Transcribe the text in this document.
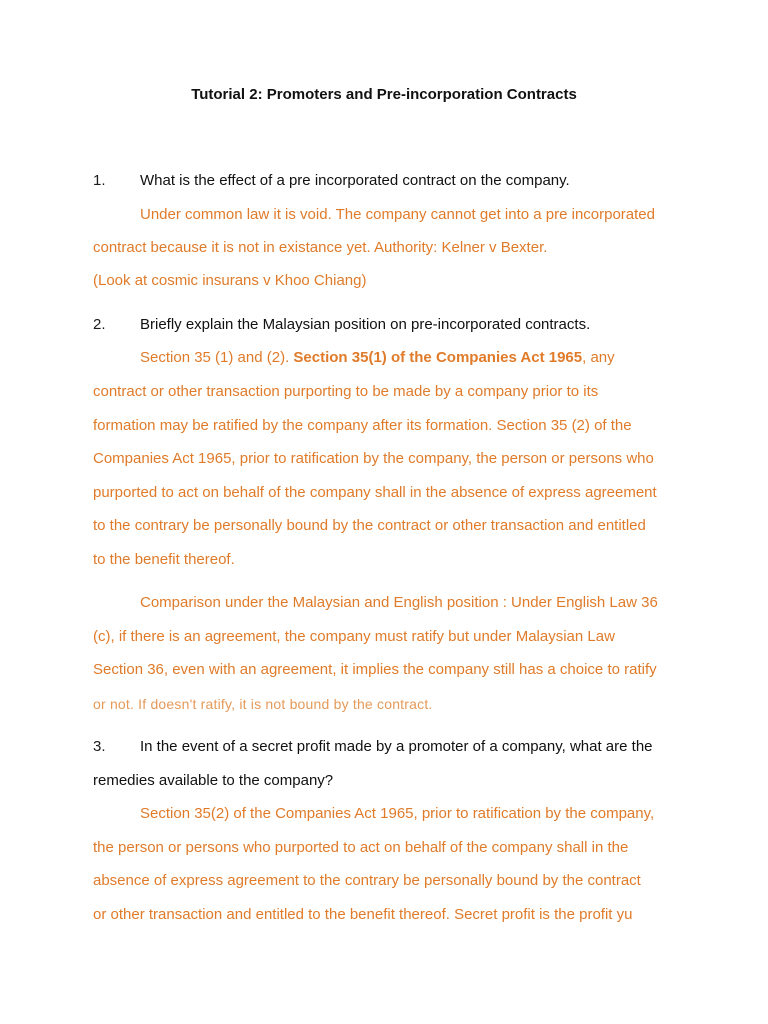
Tutorial 2: Promoters and Pre-incorporation Contracts
1. What is the effect of a pre incorporated contract on the company.
Under common law it is void. The company cannot get into a pre incorporated
contract because it is not in existance yet. Authority: Kelner v Bexter.
(Look at cosmic insurans v Khoo Chiang)
2. Briefly explain the Malaysian position on pre-incorporated contracts.
Section 35 (1) and (2). Section 35(1) of the Companies Act 1965, any
contract or other transaction purporting to be made by a company prior to its
formation may be ratified by the company after its formation. Section 35 (2) of the
Companies Act 1965, prior to ratification by the company, the person or persons who
purported to act on behalf of the company shall in the absence of express agreement
to the contrary be personally bound by the contract or other transaction and entitled
to the benefit thereof.
Comparison under the Malaysian and English position : Under English Law 36
(c), if there is an agreement, the company must ratify but under Malaysian Law
Section 36, even with an agreement, it implies the company still has a choice to ratify
or not. If doesn't ratify, it is not bound by the contract.
3. In the event of a secret profit made by a promoter of a company, what are the
remedies available to the company?
Section 35(2) of the Companies Act 1965, prior to ratification by the company,
the person or persons who purported to act on behalf of the company shall in the
absence of express agreement to the contrary be personally bound by the contract
or other transaction and entitled to the benefit thereof. Secret profit is the profit yu
